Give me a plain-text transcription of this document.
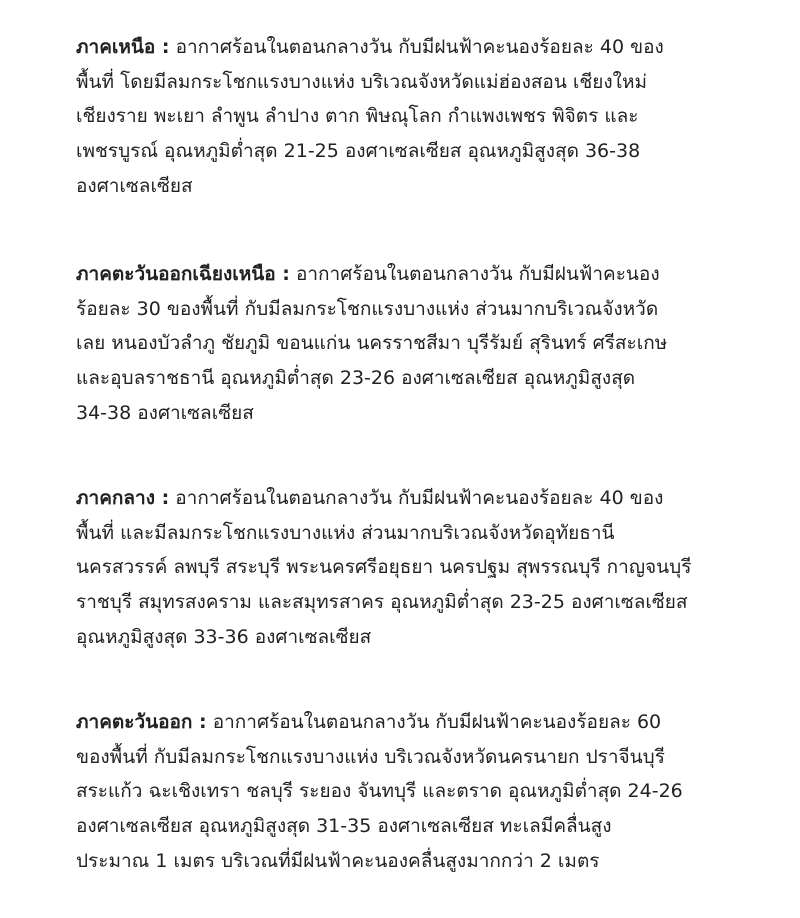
ภาคเหนือ : อากาศร้อนในตอนกลางวัน กับมีฝนฟ้าคะนองร้อยละ 40 ของ
พื้นที่ โดยมีลมกระโชกแรงบางแห่ง บริเวณจังหวัดแม่ฮ่องสอน เชียงใหม่
เชียงราย พะเยา ลำพูน ลำปาง ตาก พิษณุโลก กำแพงเพชร พิจิตร และ
เพชรบูรณ์ อุณหภูมิต่ำสุด 21-25 องศาเซลเซียส อุณหภูมิสูงสุด 36-38
องศาเซลเซียส

ภาคตะวันออกเฉียงเหนือ : อากาศร้อนในตอนกลางวัน กับมีฝนฟ้าคะนอง
ร้อยละ 30 ของพื้นที่ กับมีลมกระโชกแรงบางแห่ง ส่วนมากบริเวณจังหวัด
เลย หนองบัวลำภู ชัยภูมิ ขอนแก่น นครราชสีมา บุรีรัมย์ สุรินทร์ ศรีสะเกษ
และอุบลราชธานี อุณหภูมิต่ำสุด 23-26 องศาเซลเซียส อุณหภูมิสูงสุด
34-38 องศาเซลเซียส

ภาคกลาง : อากาศร้อนในตอนกลางวัน กับมีฝนฟ้าคะนองร้อยละ 40 ของ
พื้นที่ และมีลมกระโชกแรงบางแห่ง ส่วนมากบริเวณจังหวัดอุทัยธานี
นครสวรรค์ ลพบุรี สระบุรี พระนครศรีอยุธยา นครปฐม สุพรรณบุรี กาญจนบุรี
ราชบุรี สมุทรสงคราม และสมุทรสาคร อุณหภูมิต่ำสุด 23-25 องศาเซลเซียส
อุณหภูมิสูงสุด 33-36 องศาเซลเซียส

ภาคตะวันออก : อากาศร้อนในตอนกลางวัน กับมีฝนฟ้าคะนองร้อยละ 60
ของพื้นที่ กับมีลมกระโชกแรงบางแห่ง บริเวณจังหวัดนครนายก ปราจีนบุรี
สระแก้ว ฉะเชิงเทรา ชลบุรี ระยอง จันทบุรี และตราด อุณหภูมิต่ำสุด 24-26
องศาเซลเซียส อุณหภูมิสูงสุด 31-35 องศาเซลเซียส ทะเลมีคลื่นสูง
ประมาณ 1 เมตร บริเวณที่มีฝนฟ้าคะนองคลื่นสูงมากกว่า 2 เมตร
